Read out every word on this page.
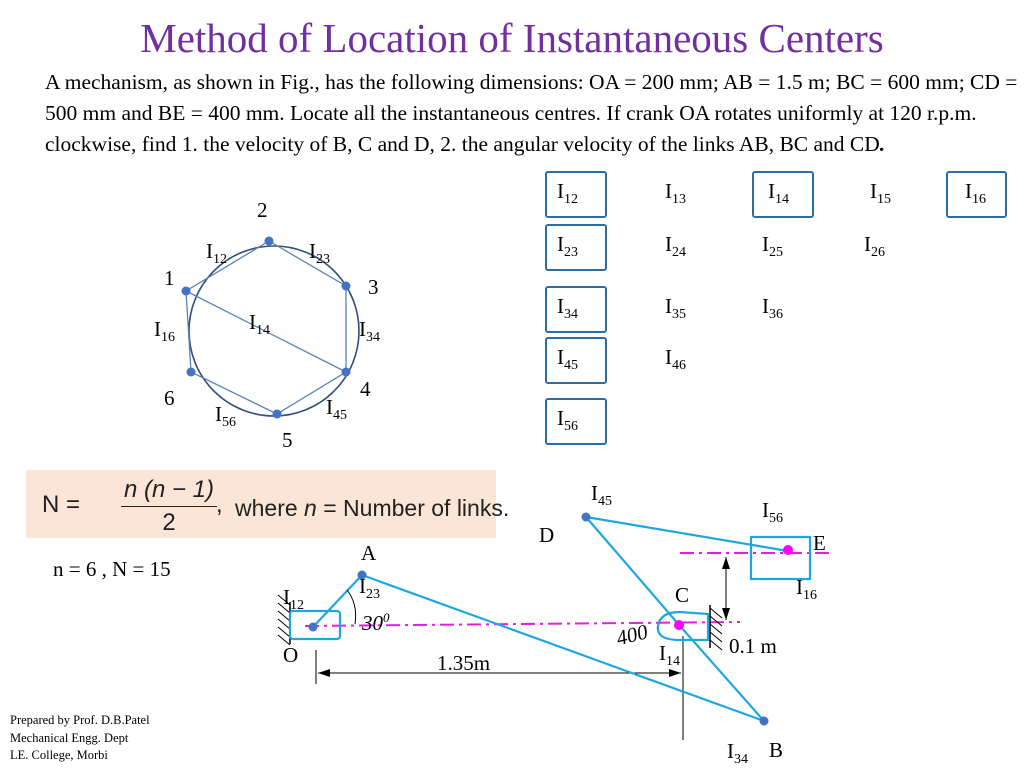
Method of Location of Instantaneous Centers
A mechanism, as shown in Fig., has the following dimensions: OA = 200 mm; AB = 1.5 m; BC = 600 mm; CD = 500 mm and BE = 400 mm. Locate all the instantaneous centres. If crank OA rotates uniformly at 120 r.p.m. clockwise, find 1. the velocity of B, C and D, 2. the angular velocity of the links AB, BC and CD.
2
1	3
4
6
5
$I_{12}$	$I_{23}$
$I_{16}$
$I_{14}$	$I_{34}$
$I_{56}$
$I_{45}$
$I_{12}$	$I_{13}$	$I_{14}$	$I_{15}$	$I_{16}$
$I_{23}$	$I_{24}$	$I_{25}$	$I_{26}$
$I_{34}$	$I_{35}$	$I_{36}$
$I_{45}$	$I_{46}$
$I_{56}$
N =
n (n − 1)
2
, where n = Number of links.
n = 6 , N = 15
$I_{45}$
D
$I_{56}$
E
$I_{16}$
A
$I_{23}$
$I_{12}$
$30^0$
C
400
O	$I_{14}$
0.1 m
1.35m
$I_{34}$ B
Prepared by Prof. D.B.Patel
Mechanical Engg. Dept
LE. College, Morbi
